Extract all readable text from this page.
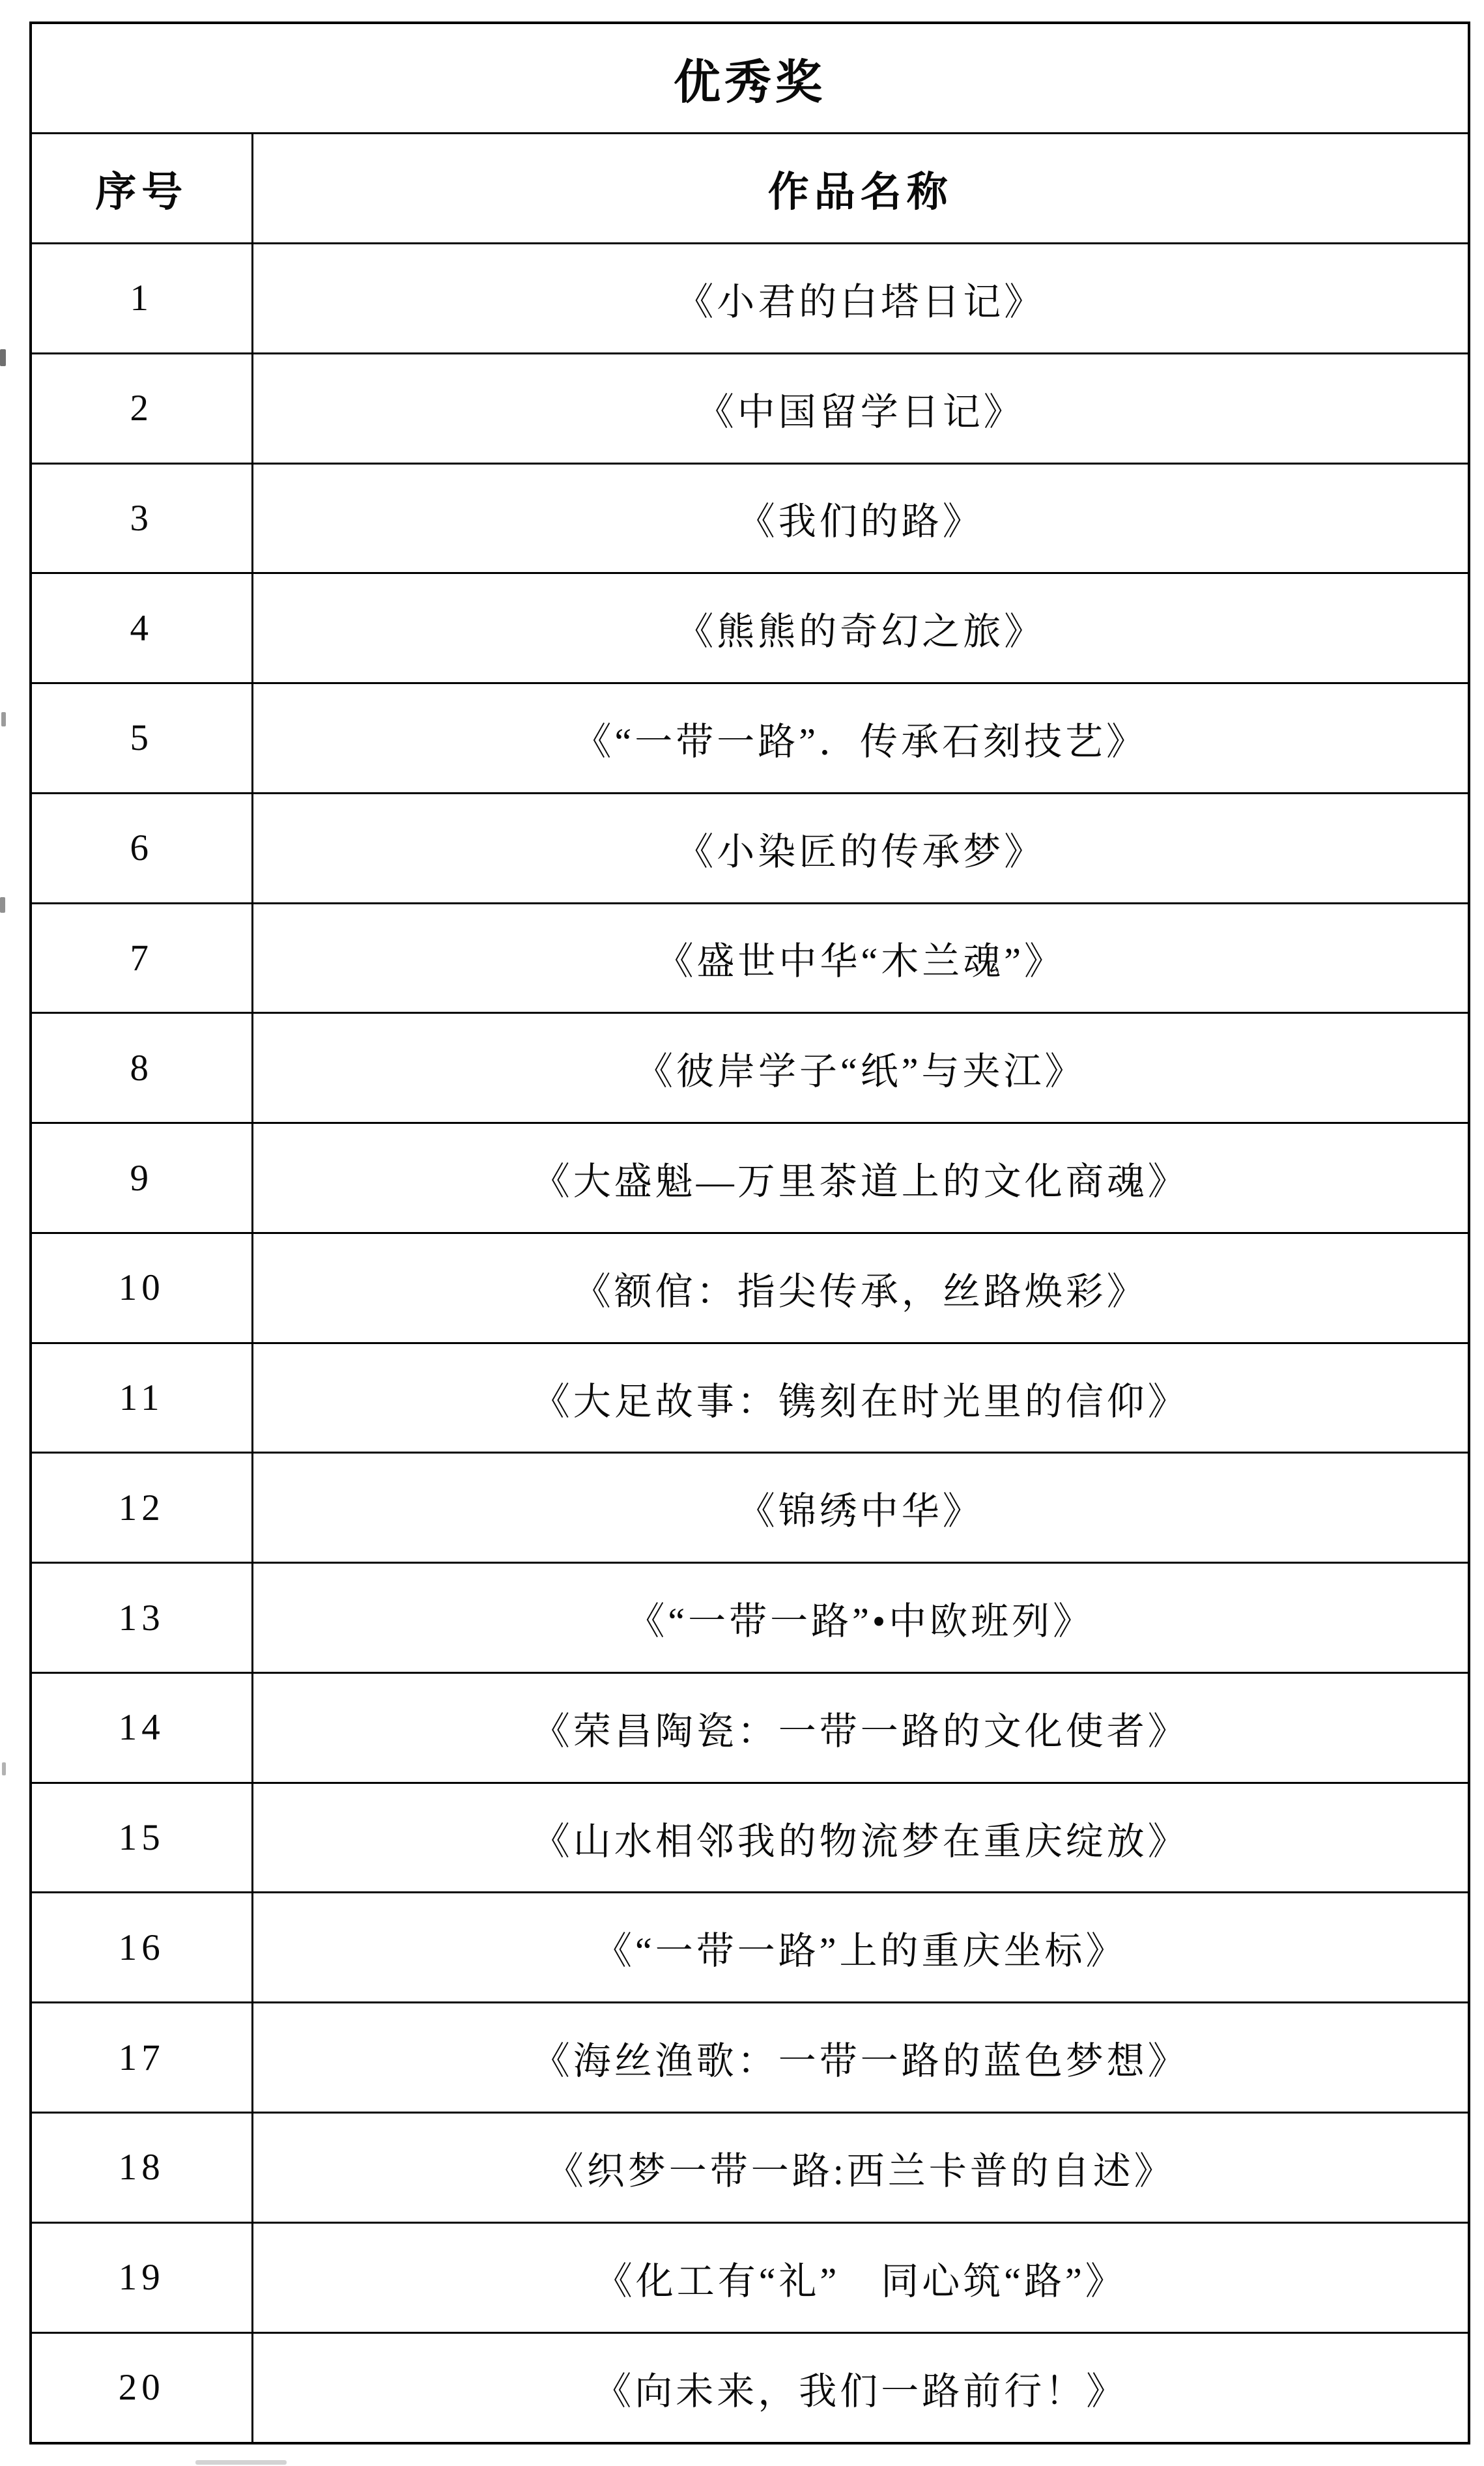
优秀奖	
序号	作品名称
1	《小君的白塔日记》
2	《中国留学日记》
3	《我们的路》
4	《熊熊的奇幻之旅》
5	《“一带一路”．传承石刻技艺》
6	《小染匠的传承梦》
7	《盛世中华“木兰魂”》
8	《彼岸学子“纸”与夹江》
9	《大盛魁—万里茶道上的文化商魂》
10	《额倌：指尖传承，丝路焕彩》
11	《大足故事：镌刻在时光里的信仰》
12	《锦绣中华》
13	《“一带一路”•中欧班列》
14	《荣昌陶瓷：一带一路的文化使者》
15	《山水相邻我的物流梦在重庆绽放》
16	《“一带一路”上的重庆坐标》
17	《海丝渔歌：一带一路的蓝色梦想》
18	《织梦一带一路:西兰卡普的自述》
19	《化工有“礼”　同心筑“路”》
20	《向未来，我们一路前行！》
